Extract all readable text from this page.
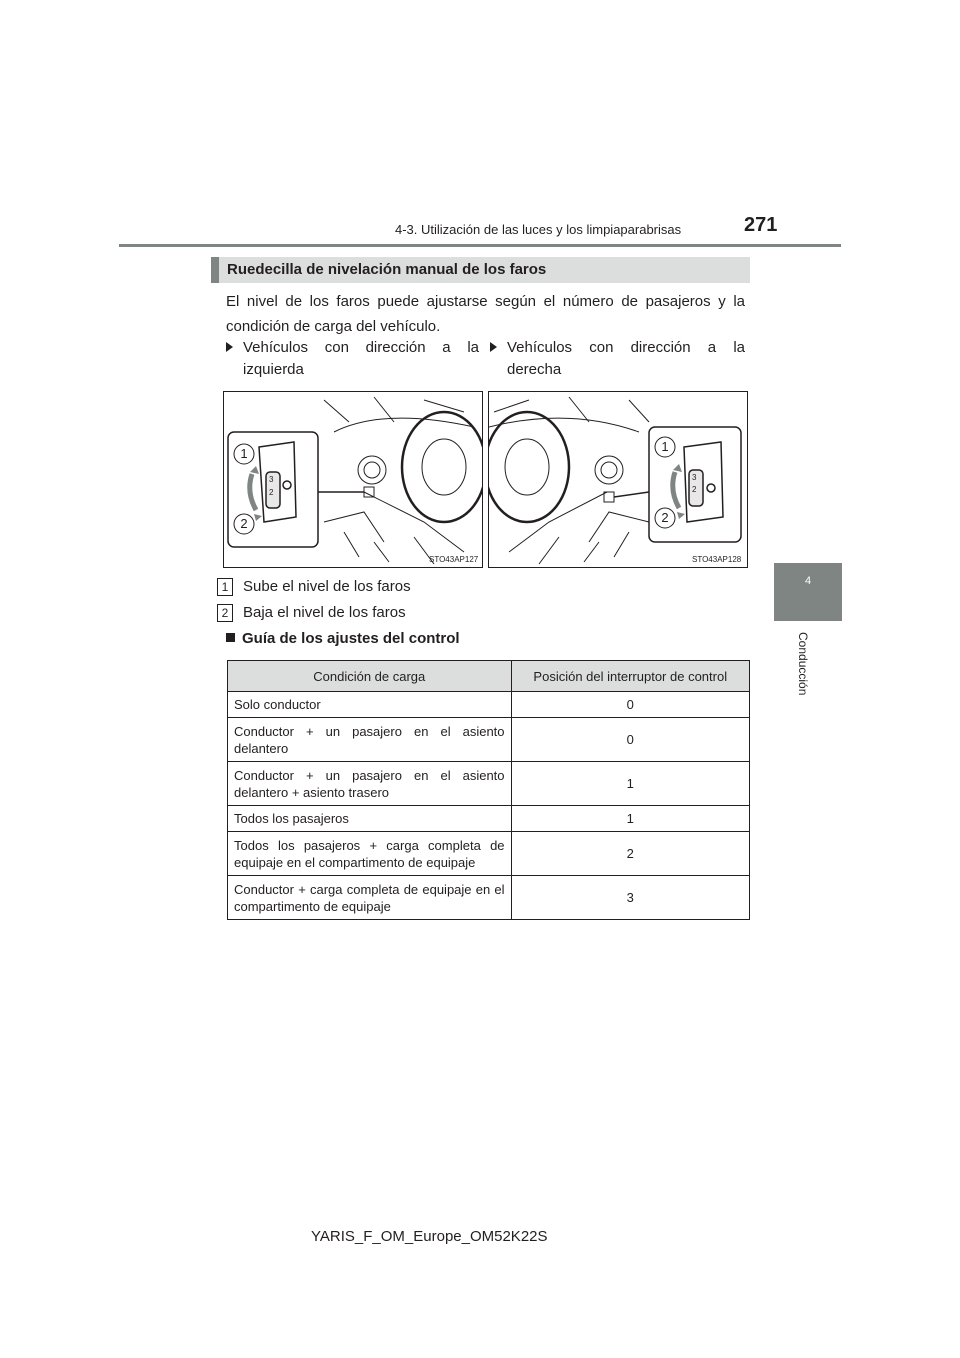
4-3. Utilización de las luces y los limpiaparabrisas	271
4
Conducción
Ruedecilla de nivelación manual de los faros
El nivel de los faros puede ajustarse según el número de pasajeros y la condición de carga del vehículo.
Vehículos con dirección a la izquierda
Vehículos con dirección a la derecha
3
2
1
2
STO43AP127
3
2
1
2
STO43AP128
1 Sube el nivel de los faros
2 Baja el nivel de los faros
Guía de los ajustes del control
Condición de carga	Posición del interruptor de control
Solo conductor	0
Conductor + un pasajero en el asiento delantero	0
Conductor + un pasajero en el asiento delantero + asiento trasero	1
Todos los pasajeros	1
Todos los pasajeros + carga completa de equipaje en el compartimento de equipaje	2
Conductor + carga completa de equipaje en el compartimento de equipaje	3
YARIS_F_OM_Europe_OM52K22S
